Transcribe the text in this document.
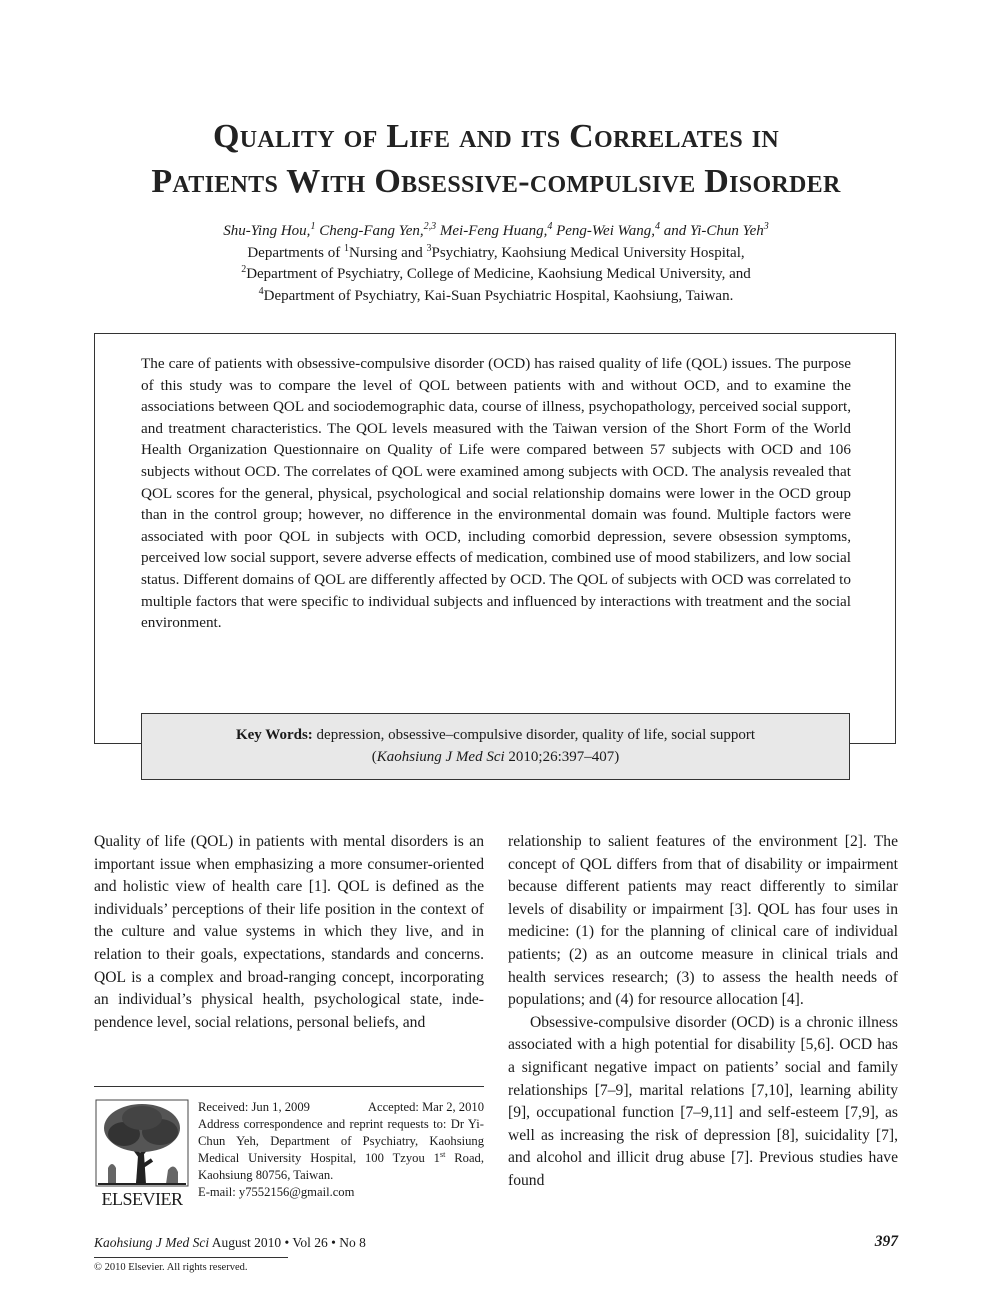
Quality of Life and its Correlates in
Patients With Obsessive-compulsive Disorder
Shu-Ying Hou,$^1$ Cheng-Fang Yen,$^{2,3}$ Mei-Feng Huang,$^4$ Peng-Wei Wang,$^4$ and Yi-Chun Yeh$^3$
Departments of $^1$Nursing and $^3$Psychiatry, Kaohsiung Medical University Hospital,
$^2$Department of Psychiatry, College of Medicine, Kaohsiung Medical University, and
$^4$Department of Psychiatry, Kai-Suan Psychiatric Hospital, Kaohsiung, Taiwan.
The care of patients with obsessive-compulsive disorder (OCD) has raised quality of life (QOL) issues. The purpose of this study was to compare the level of QOL between patients with and without OCD, and to examine the associations between QOL and sociodemographic data, course of illness, psychopathology, perceived social support, and treatment characteristics. The QOL levels measured with the Taiwan version of the Short Form of the World Health Organization Questionnaire on Quality of Life were compared between 57 subjects with OCD and 106 subjects without OCD. The correlates of QOL were examined among subjects with OCD. The analysis revealed that QOL scores for the general, physical, psychological and social relationship domains were lower in the OCD group than in the control group; however, no difference in the environmental domain was found. Multiple factors were associated with poor QOL in subjects with OCD, including comorbid depression, severe obsession symptoms, perceived low social support, severe adverse effects of medication, combined use of mood stabilizers, and low social status. Different domains of QOL are differently affected by OCD. The QOL of subjects with OCD was correlated to multiple factors that were specific to individual subjects and influenced by interactions with treatment and the social environment.
Key Words: depression, obsessive–compulsive disorder, quality of life, social support
(Kaohsiung J Med Sci 2010;26:397–407)

Quality of life (QOL) in patients with mental disorders is an important issue when emphasizing a more consumer-oriented and holistic view of health care [1]. QOL is defined as the individuals’ perceptions of their life position in the context of the culture and value systems in which they live, and in relation to their goals, expectations, standards and concerns. QOL is a complex and broad-ranging concept, incorporating an individual’s physical health, psychological state, independence level, social relations, personal beliefs, and

relationship to salient features of the environment [2]. The concept of QOL differs from that of disability or impairment because different patients may react differently to similar levels of disability or impairment [3]. QOL has four uses in medicine: (1) for the planning of clinical care of individual patients; (2) as an outcome measure in clinical trials and health services research; (3) to assess the health needs of populations; and (4) for resource allocation [4].

Obsessive-compulsive disorder (OCD) is a chronic illness associated with a high potential for disability [5,6]. OCD has a significant negative impact on patients’ social and family relationships [7–9], marital relations [7,10], learning ability [9], occupational function [7–9,11] and self-esteem [7,9], as well as increasing the risk of depression [8], suicidality [7], and alcohol and illicit drug abuse [7]. Previous studies have found

ELSEVIER
Received: Jun 1, 2009	Accepted: Mar 2, 2010
Address correspondence and reprint requests to: Dr Yi-Chun Yeh, Department of Psychiatry, Kaohsiung Medical University Hospital, 100 Tzyou 1st Road, Kaohsiung 80756, Taiwan.
E-mail: y7552156@gmail.com
Kaohsiung J Med Sci August 2010 • Vol 26 • No 8	397
© 2010 Elsevier. All rights reserved.
